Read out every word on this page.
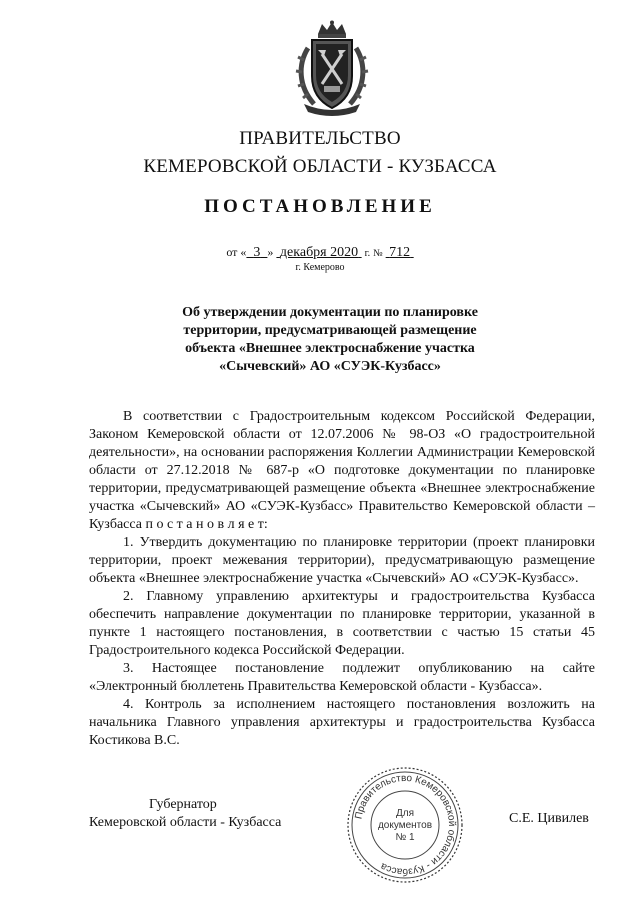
ПРАВИТЕЛЬСТВО
КЕМЕРОВСКОЙ ОБЛАСТИ - КУЗБАССА
ПОСТАНОВЛЕНИЕ
от « 3 » декабря 2020 г. № 712
г. Кемерово
Об утверждении документации по планировке
территории, предусматривающей размещение
объекта «Внешнее электроснабжение участка
«Сычевский» АО «СУЭК-Кузбасс»

В соответствии с Градостроительным кодексом Российской Федерации, Законом Кемеровской области от 12.07.2006 № 98-ОЗ «О градостроительной деятельности», на основании распоряжения Коллегии Администрации Кемеровской области от 27.12.2018 № 687-р «О подготовке документации по планировке территории, предусматривающей размещение объекта «Внешнее электроснабжение участка «Сычевский» АО «СУЭК-Кузбасс» Правительство Кемеровской области – Кузбасса п о с т а н о в л я е т:

1. Утвердить документацию по планировке территории (проект планировки территории, проект межевания территории), предусматривающую размещение объекта «Внешнее электроснабжение участка «Сычевский» АО «СУЭК-Кузбасс».

2. Главному управлению архитектуры и градостроительства Кузбасса обеспечить направление документации по планировке территории, указанной в пункте 1 настоящего постановления, в соответствии с частью 15 статьи 45 Градостроительного кодекса Российской Федерации.

3. Настоящее постановление подлежит опубликованию на сайте «Электронный бюллетень Правительства Кемеровской области - Кузбасса».

4. Контроль за исполнением настоящего постановления возложить на начальника Главного управления архитектуры и градостроительства Кузбасса Костикова В.С.

Губернатор
Кемеровской области - Кузбасса	Правительство Кемеровской области - Кузбасса
Для
документов
№ 1
С.Е. Цивилев
